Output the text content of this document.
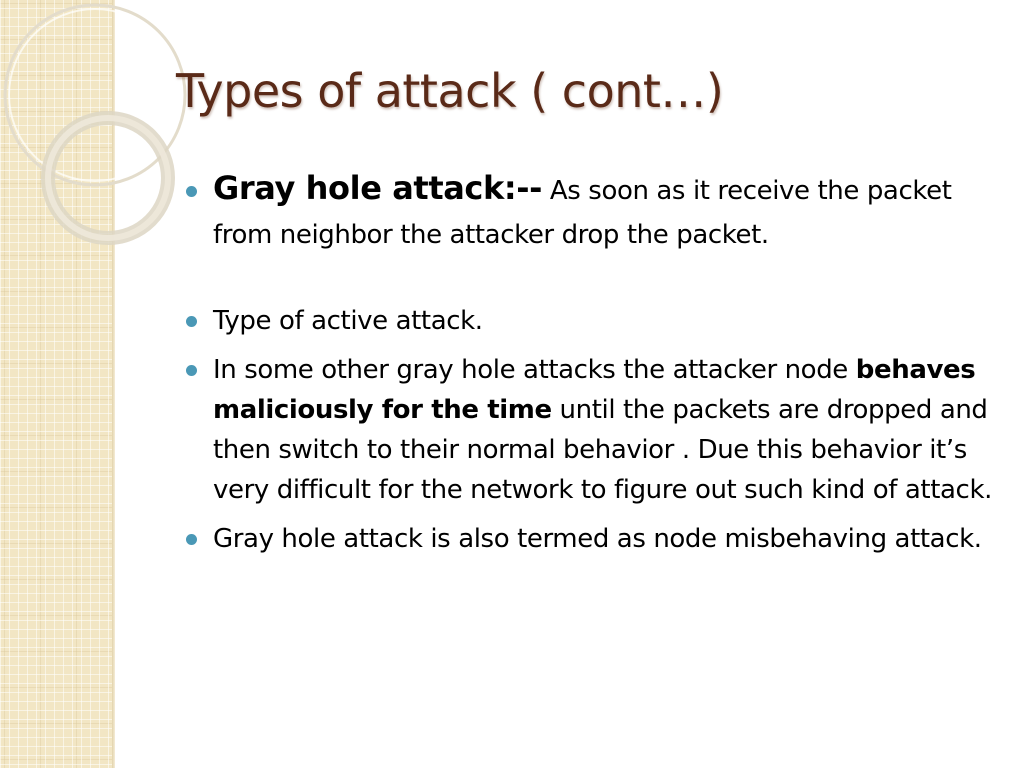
Types of attack ( cont…)
Gray hole attack:-- As soon as it receive the packet from neighbor the attacker drop the packet.
Type of active attack.
In some other gray hole attacks the attacker node behaves maliciously for the time until the packets are dropped and then switch to their normal behavior . Due this behavior it’s very difficult for the network to figure out such kind of attack.
Gray hole attack is also termed as node misbehaving attack.
